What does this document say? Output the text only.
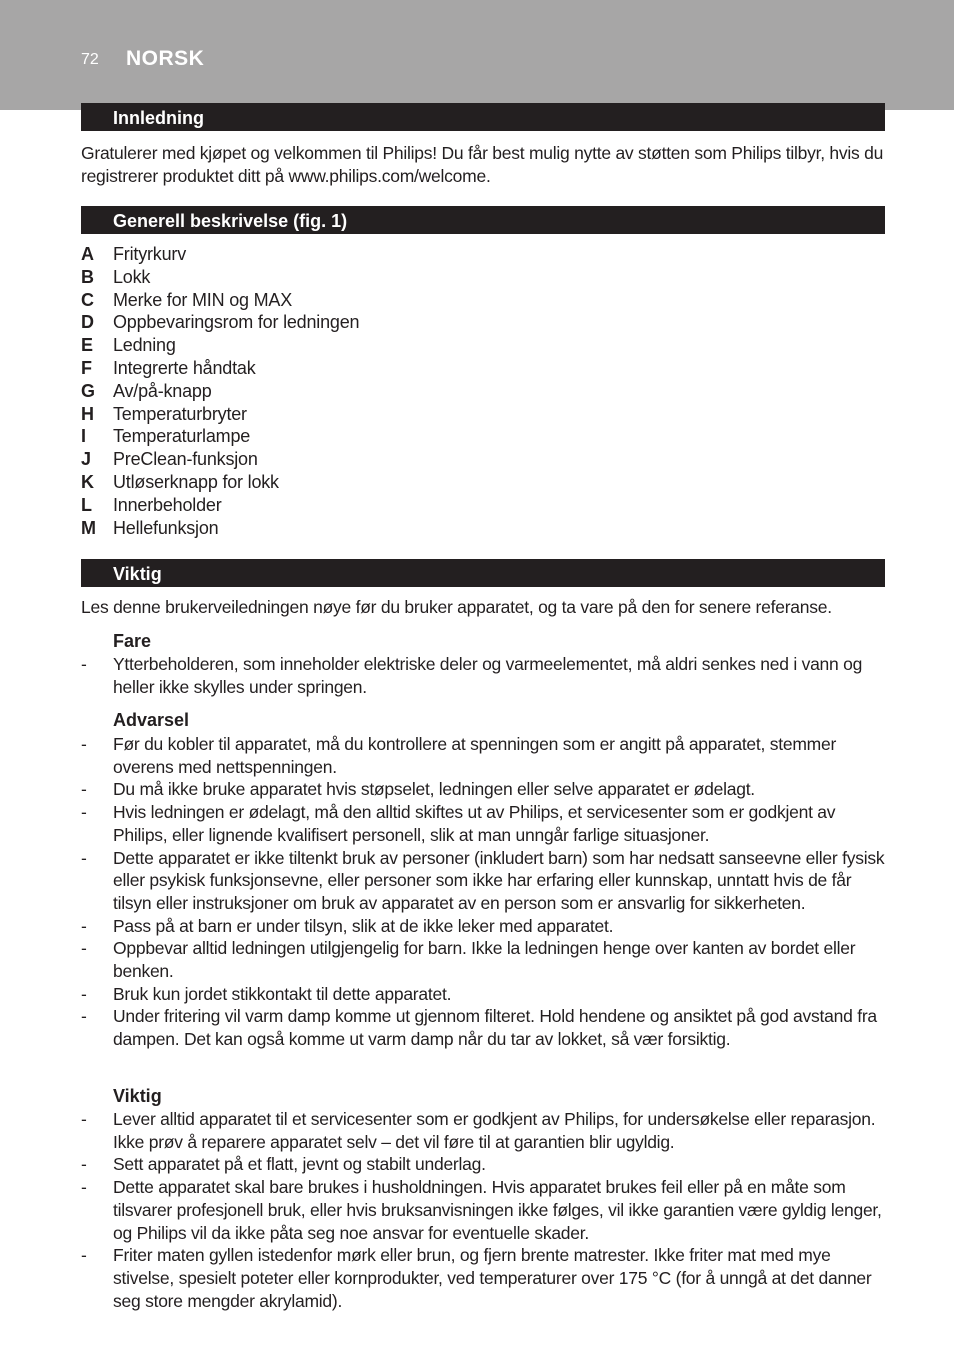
72 NORSK
Innledning
Gratulerer med kjøpet og velkommen til Philips! Du får best mulig nytte av støtten som Philips tilbyr, hvis du registrerer produktet ditt på www.philips.com/welcome.
Generell beskrivelse (fig. 1)
A Frityrkurv
B Lokk
C Merke for MIN og MAX
D Oppbevaringsrom for ledningen
E Ledning
F Integrerte håndtak
G Av/på-knapp
H Temperaturbryter
I Temperaturlampe
J PreClean-funksjon
K Utløserknapp for lokk
L Innerbeholder
M Hellefunksjon
Viktig
Les denne brukerveiledningen nøye før du bruker apparatet, og ta vare på den for senere referanse.
Fare
- Ytterbeholderen, som inneholder elektriske deler og varmeelementet, må aldri senkes ned i vann og heller ikke skylles under springen.
Advarsel
- Før du kobler til apparatet, må du kontrollere at spenningen som er angitt på apparatet, stemmer overens med nettspenningen.
- Du må ikke bruke apparatet hvis støpselet, ledningen eller selve apparatet er ødelagt.
- Hvis ledningen er ødelagt, må den alltid skiftes ut av Philips, et servicesenter som er godkjent av Philips, eller lignende kvalifisert personell, slik at man unngår farlige situasjoner.
- Dette apparatet er ikke tiltenkt bruk av personer (inkludert barn) som har nedsatt sanseevne eller fysisk eller psykisk funksjonsevne, eller personer som ikke har erfaring eller kunnskap, unntatt hvis de får tilsyn eller instruksjoner om bruk av apparatet av en person som er ansvarlig for sikkerheten.
- Pass på at barn er under tilsyn, slik at de ikke leker med apparatet.
- Oppbevar alltid ledningen utilgjengelig for barn. Ikke la ledningen henge over kanten av bordet eller benken.
- Bruk kun jordet stikkontakt til dette apparatet.
- Under fritering vil varm damp komme ut gjennom filteret. Hold hendene og ansiktet på god avstand fra dampen. Det kan også komme ut varm damp når du tar av lokket, så vær forsiktig.
Viktig
- Lever alltid apparatet til et servicesenter som er godkjent av Philips, for undersøkelse eller reparasjon. Ikke prøv å reparere apparatet selv – det vil føre til at garantien blir ugyldig.
- Sett apparatet på et flatt, jevnt og stabilt underlag.
- Dette apparatet skal bare brukes i husholdningen. Hvis apparatet brukes feil eller på en måte som tilsvarer profesjonell bruk, eller hvis bruksanvisningen ikke følges, vil ikke garantien være gyldig lenger, og Philips vil da ikke påta seg noe ansvar for eventuelle skader.
- Friter maten gyllen istedenfor mørk eller brun, og fjern brente matrester. Ikke friter mat med mye stivelse, spesielt poteter eller kornprodukter, ved temperaturer over 175 °C (for å unngå at det danner seg store mengder akrylamid).
